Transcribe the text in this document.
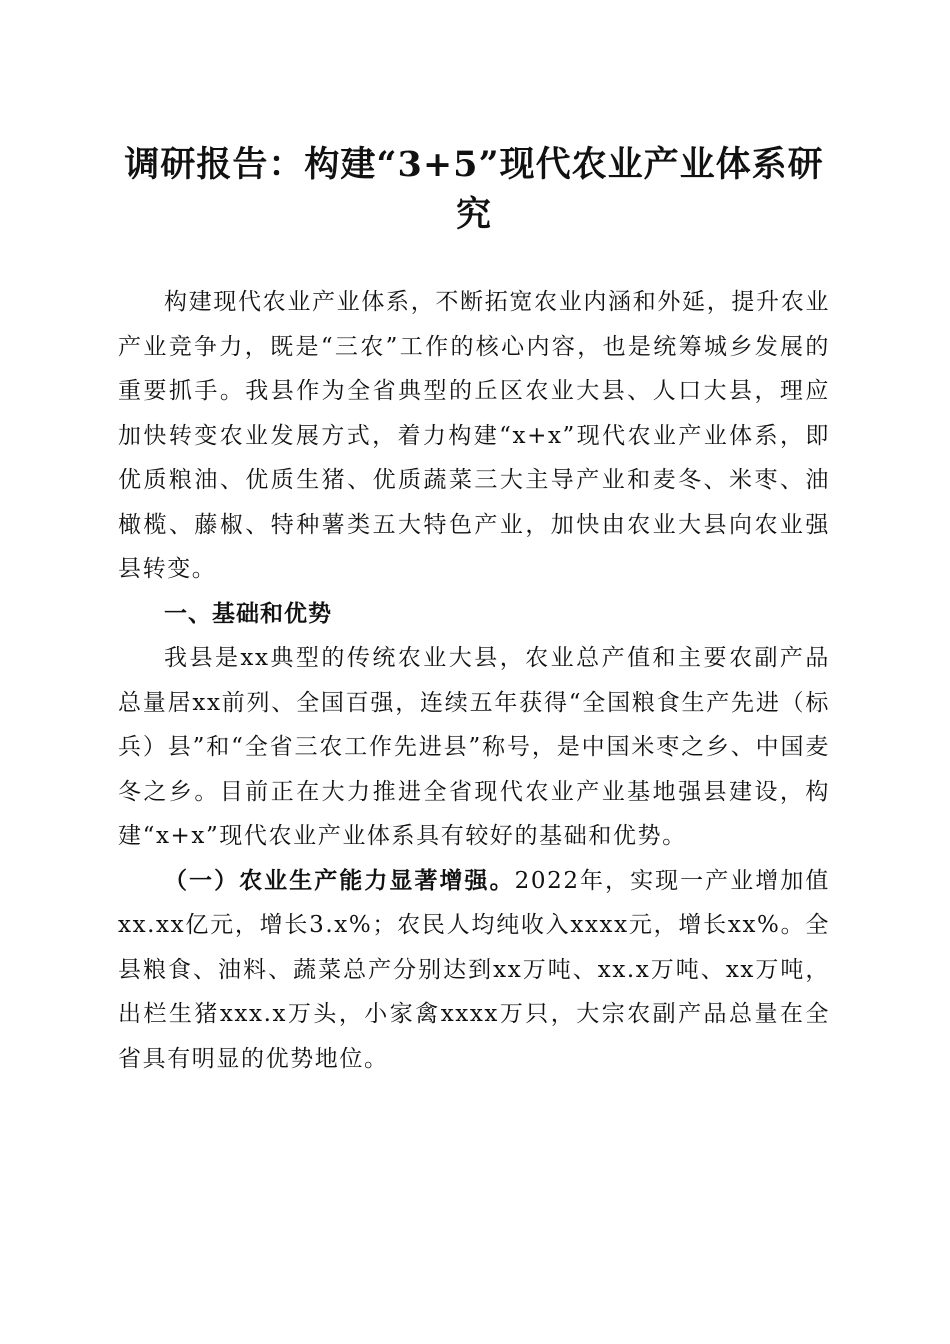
调研报告：构建“3+5”现代农业产业体系研究

构建现代农业产业体系，不断拓宽农业内涵和外延，提升农业产业竞争力，既是“三农”工作的核心内容，也是统筹城乡发展的重要抓手。我县作为全省典型的丘区农业大县、人口大县，理应加快转变农业发展方式，着力构建“x+x”现代农业产业体系，即优质粮油、优质生猪、优质蔬菜三大主导产业和麦冬、米枣、油橄榄、藤椒、特种薯类五大特色产业，加快由农业大县向农业强县转变。

一、基础和优势

我县是xx典型的传统农业大县，农业总产值和主要农副产品总量居xx前列、全国百强，连续五年获得“全国粮食生产先进（标兵）县”和“全省三农工作先进县”称号，是中国米枣之乡、中国麦冬之乡。目前正在大力推进全省现代农业产业基地强县建设，构建“x+x”现代农业产业体系具有较好的基础和优势。

（一）农业生产能力显著增强。2022年，实现一产业增加值xx.xx亿元，增长3.x%；农民人均纯收入xxxx元，增长xx%。全县粮食、油料、蔬菜总产分别达到xx万吨、xx.x万吨、xx万吨，出栏生猪xxx.x万头，小家禽xxxx万只，大宗农副产品总量在全省具有明显的优势地位。
